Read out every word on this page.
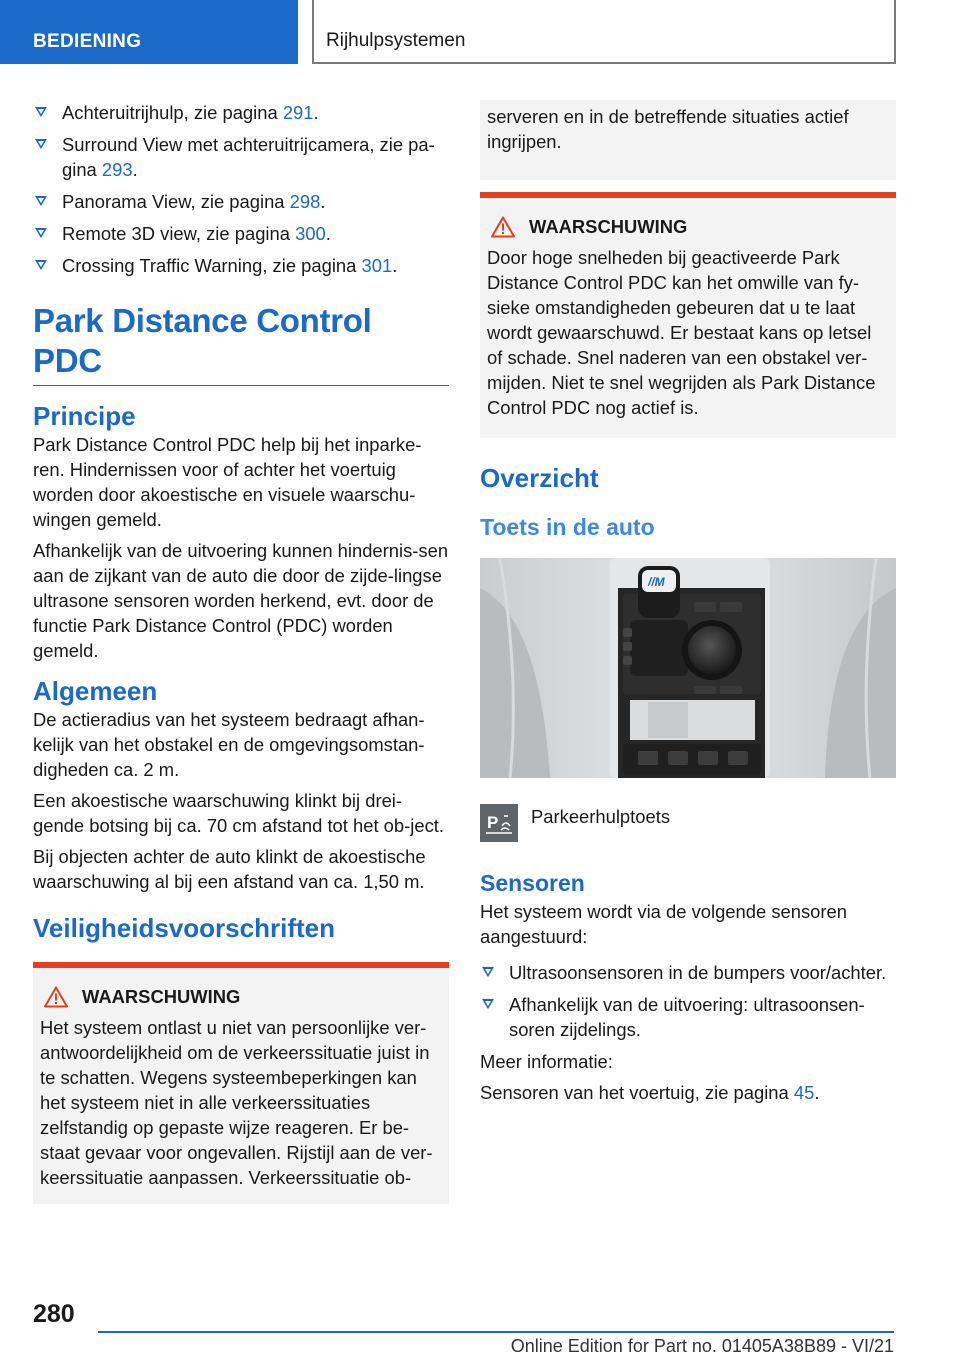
BEDIENING	Rijhulpsystemen
Achteruitrijhulp, zie pagina 291.
Surround View met achteruitrijcamera, zie pa-gina 293.
Panorama View, zie pagina 298.
Remote 3D view, zie pagina 300.
Crossing Traffic Warning, zie pagina 301.
Park Distance Control PDC
Principe

Park Distance Control PDC help bij het inparke-ren. Hindernissen voor of achter het voertuig worden door akoestische en visuele waarschu-wingen gemeld.

Afhankelijk van de uitvoering kunnen hindernis-sen aan de zijkant van de auto die door de zijde-lingse ultrasone sensoren worden herkend, evt. door de functie Park Distance Control (PDC) worden gemeld.

Algemeen

De actieradius van het systeem bedraagt afhan-kelijk van het obstakel en de omgevingsomstan-digheden ca. 2 m.

Een akoestische waarschuwing klinkt bij drei-gende botsing bij ca. 70 cm afstand tot het ob-ject.

Bij objecten achter de auto klinkt de akoestische waarschuwing al bij een afstand van ca. 1,50 m.

Veiligheidsvoorschriften
WAARSCHUWING

Het systeem ontlast u niet van persoonlijke ver-antwoordelijkheid om de verkeerssituatie juist in te schatten. Wegens systeembeperkingen kan het systeem niet in alle verkeerssituaties zelfstandig op gepaste wijze reageren. Er be-staat gevaar voor ongevallen. Rijstijl aan de ver-keerssituatie aanpassen. Verkeerssituatie ob-

serveren en in de betreffende situaties actief ingrijpen.

WAARSCHUWING

Door hoge snelheden bij geactiveerde Park Distance Control PDC kan het omwille van fy-sieke omstandigheden gebeuren dat u te laat wordt gewaarschuwd. Er bestaat kans op letsel of schade. Snel naderen van een obstakel ver-mijden. Niet te snel wegrijden als Park Distance Control PDC nog actief is.

Overzicht
Toets in de auto
//M
P Parkeerhulptoets
Sensoren

Het systeem wordt via de volgende sensoren aangestuurd:

Ultrasoonsensoren in de bumpers voor/achter.
Afhankelijk van de uitvoering: ultrasoonsen-soren zijdelings.

Meer informatie:

Sensoren van het voertuig, zie pagina 45.

280
Online Edition for Part no. 01405A38B89 - VI/21
